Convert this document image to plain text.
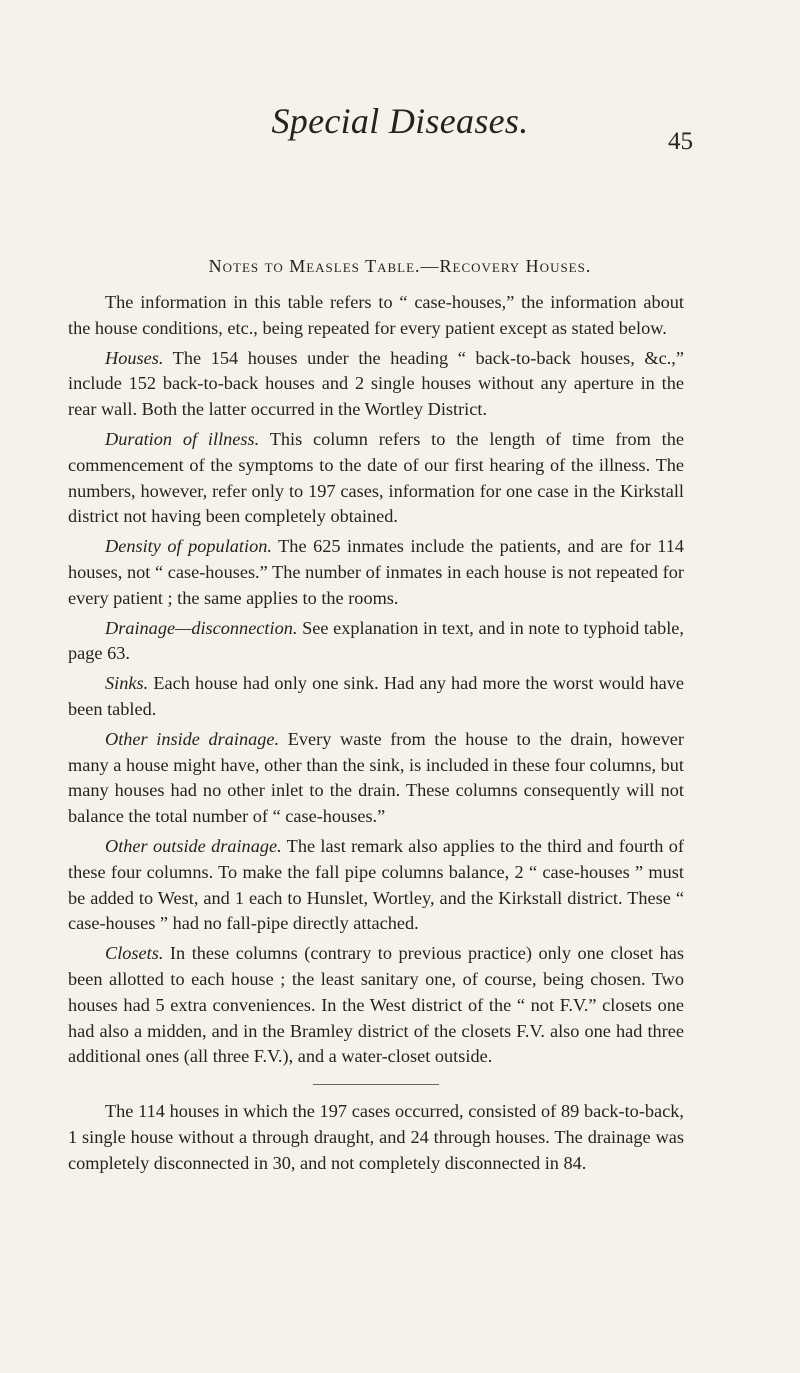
Special Diseases.
45
Notes to Measles Table.—Recovery Houses.

The information in this table refers to “ case-houses,” the information about the house conditions, etc., being repeated for every patient except as stated below.

Houses. The 154 houses under the heading “ back-to-back houses, &c.,” include 152 back-to-back houses and 2 single houses without any aperture in the rear wall. Both the latter occurred in the Wortley District.

Duration of illness. This column refers to the length of time from the commencement of the symptoms to the date of our first hearing of the illness. The numbers, however, refer only to 197 cases, information for one case in the Kirkstall district not having been completely obtained.

Density of population. The 625 inmates include the patients, and are for 114 houses, not “ case-houses.” The number of inmates in each house is not repeated for every patient ; the same applies to the rooms.

Drainage—disconnection. See explanation in text, and in note to typhoid table, page 63.

Sinks. Each house had only one sink. Had any had more the worst would have been tabled.

Other inside drainage. Every waste from the house to the drain, however many a house might have, other than the sink, is included in these four columns, but many houses had no other inlet to the drain. These columns consequently will not balance the total number of “ case-houses.”

Other outside drainage. The last remark also applies to the third and fourth of these four columns. To make the fall pipe columns balance, 2 “ case-houses ” must be added to West, and 1 each to Hunslet, Wortley, and the Kirkstall district. These “ case-houses ” had no fall-pipe directly attached.

Closets. In these columns (contrary to previous practice) only one closet has been allotted to each house ; the least sanitary one, of course, being chosen. Two houses had 5 extra conveniences. In the West district of the “ not F.V.” closets one had also a midden, and in the Bramley district of the closets F.V. also one had three additional ones (all three F.V.), and a water-closet outside.

The 114 houses in which the 197 cases occurred, consisted of 89 back-to-back, 1 single house without a through draught, and 24 through houses. The drainage was completely disconnected in 30, and not completely disconnected in 84.
